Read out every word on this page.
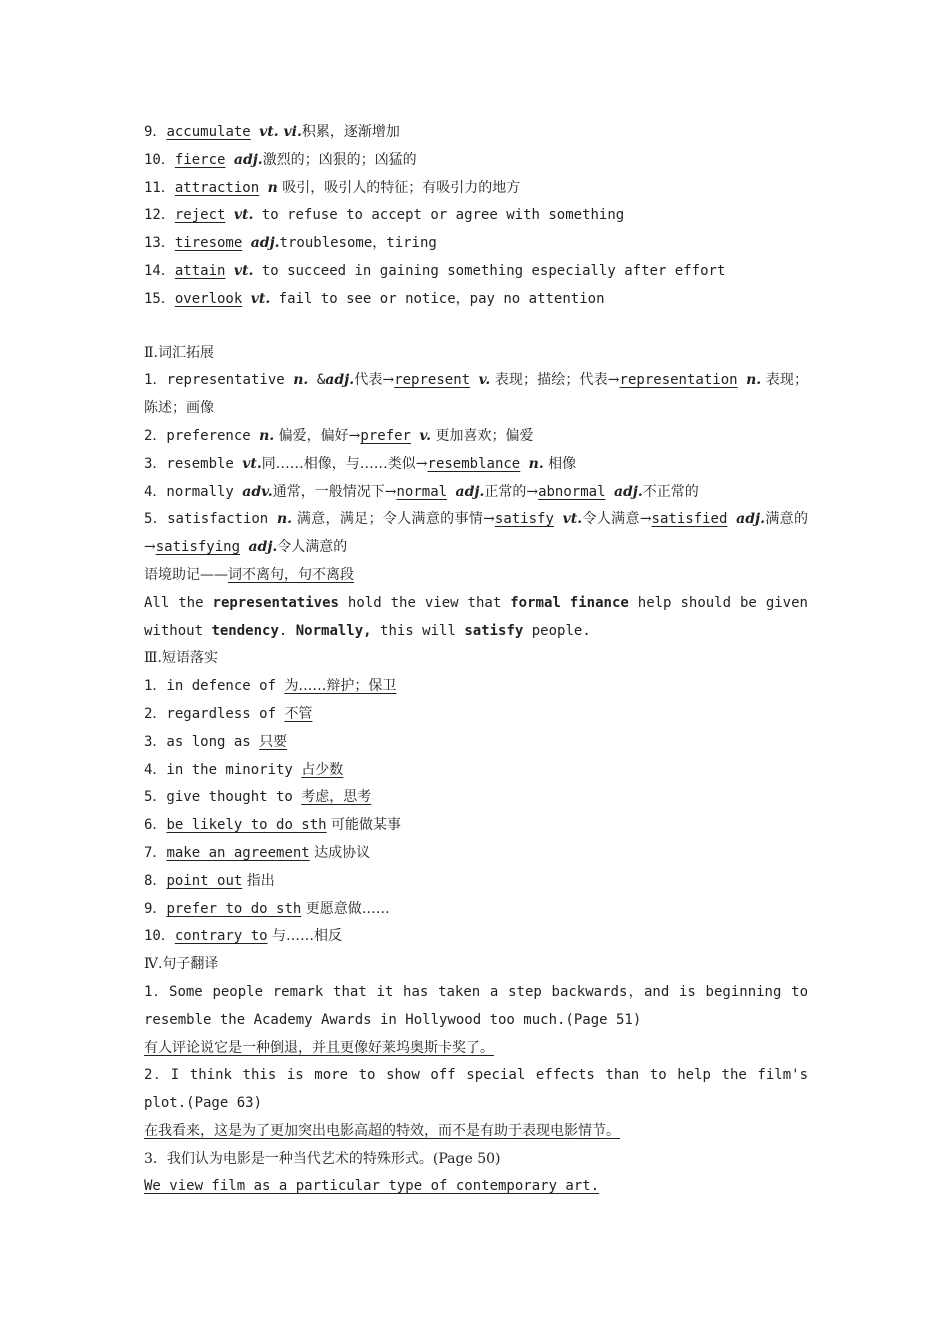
9．accumulate vt. vi.积累，逐渐增加
10．fierce adj.激烈的；凶狠的；凶猛的
11．attraction n 吸引，吸引人的特征；有吸引力的地方
12．reject vt. to refuse to accept or agree with something
13．tiresome adj.troublesome，tiring
14．attain vt. to succeed in gaining something especially after effort
15．overlook vt. fail to see or notice，pay no attention
Ⅱ.词汇拓展
1．representative n. &adj.代表→represent v. 表现；描绘；代表→representation n. 表现；陈述；画像
2．preference n. 偏爱，偏好→prefer v. 更加喜欢；偏爱
3．resemble vt.同……相像，与……类似→resemblance n. 相像
4．normally adv.通常，一般情况下→normal adj.正常的→abnormal adj.不正常的
5．satisfaction n. 满意，满足；令人满意的事情→satisfy vt.令人满意→satisfied adj.满意的→satisfying adj.令人满意的
语境助记——词不离句，句不离段
All the representatives hold the view that formal finance help should be given without tendency. Normally, this will satisfy people.
Ⅲ.短语落实
1．in defence of 为……辩护；保卫
2．regardless of 不管
3．as long as 只要
4．in the minority 占少数
5．give thought to 考虑，思考
6．be likely to do sth 可能做某事
7．make an agreement 达成协议
8．point out 指出
9．prefer to do sth 更愿意做……
10．contrary to 与……相反
Ⅳ.句子翻译
1．Some people remark that it has taken a step backwards，and is beginning to resemble the Academy Awards in Hollywood too much.(Page 51)
有人评论说它是一种倒退，并且更像好莱坞奥斯卡奖了。
2．I think this is more to show off special effects than to help the film's plot.(Page 63)
在我看来，这是为了更加突出电影高超的特效，而不是有助于表现电影情节。
3．我们认为电影是一种当代艺术的特殊形式。(Page 50)
We view film as a particular type of contemporary art.
